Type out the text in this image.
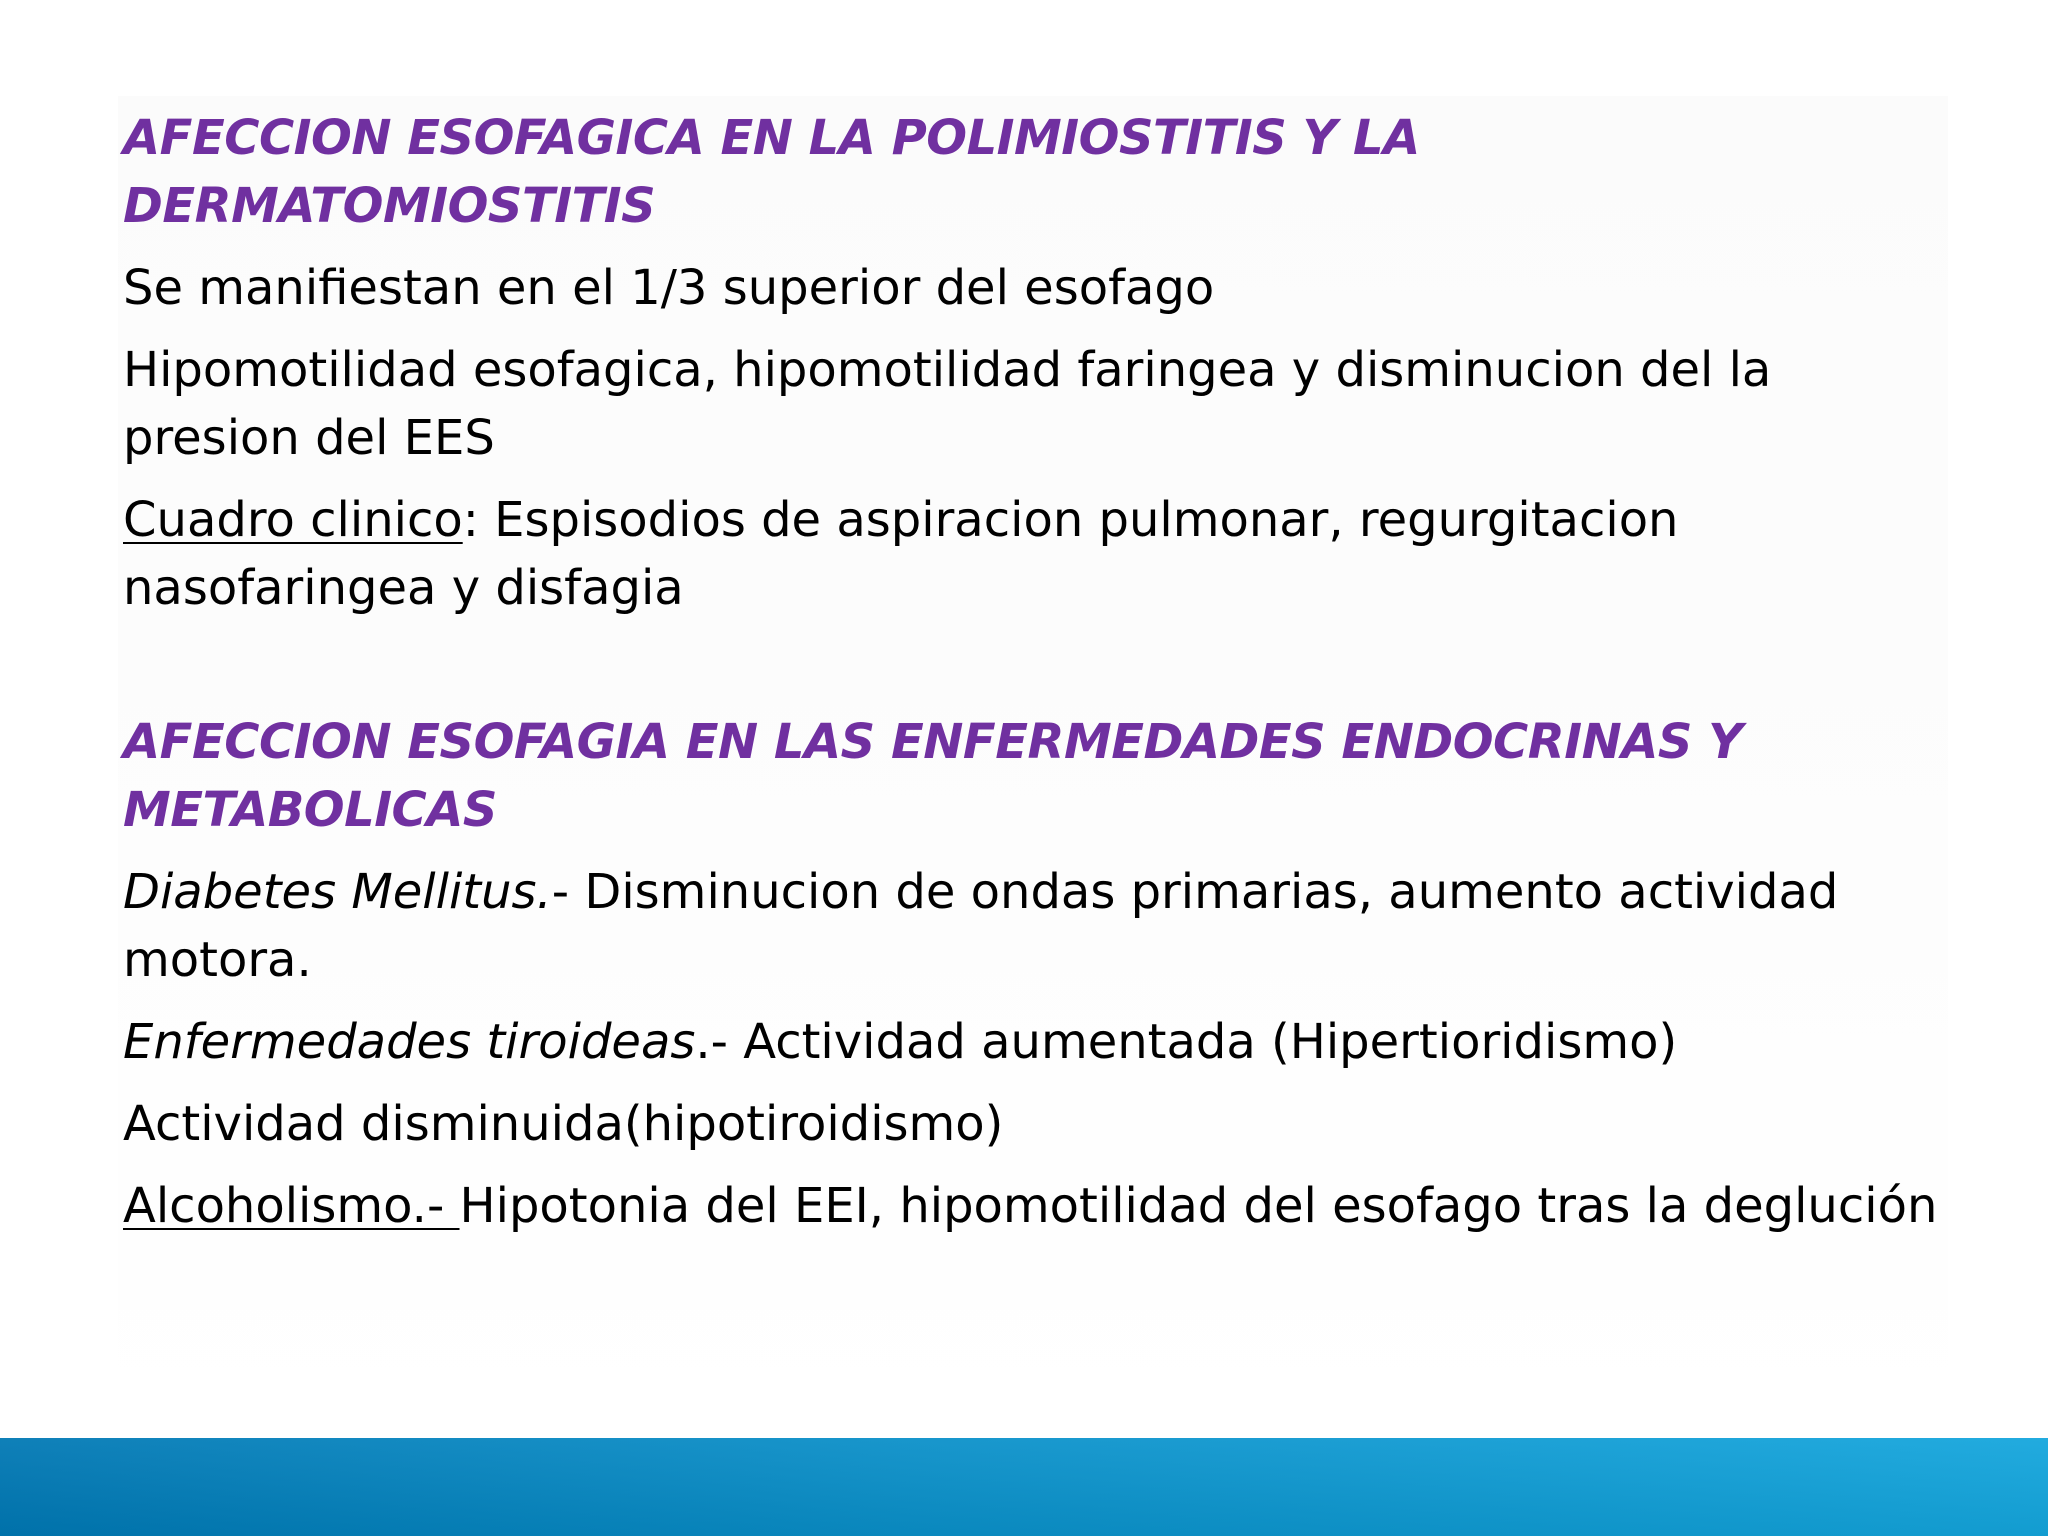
AFECCION ESOFAGICA EN LA POLIMIOSTITIS Y LA DERMATOMIOSTITIS

Se manifiestan en el 1/3 superior del esofago

Hipomotilidad esofagica, hipomotilidad faringea y disminucion del la presion del EES

Cuadro clinico: Espisodios de aspiracion pulmonar, regurgitacion nasofaringea y disfagia

AFECCION ESOFAGIA EN LAS ENFERMEDADES ENDOCRINAS Y METABOLICAS

Diabetes Mellitus.- Disminucion de ondas primarias, aumento actividad motora.

Enfermedades tiroideas.- Actividad aumentada (Hipertioridismo)

Actividad disminuida(hipotiroidismo)

Alcoholismo.- Hipotonia del EEI, hipomotilidad del esofago tras la deglución
